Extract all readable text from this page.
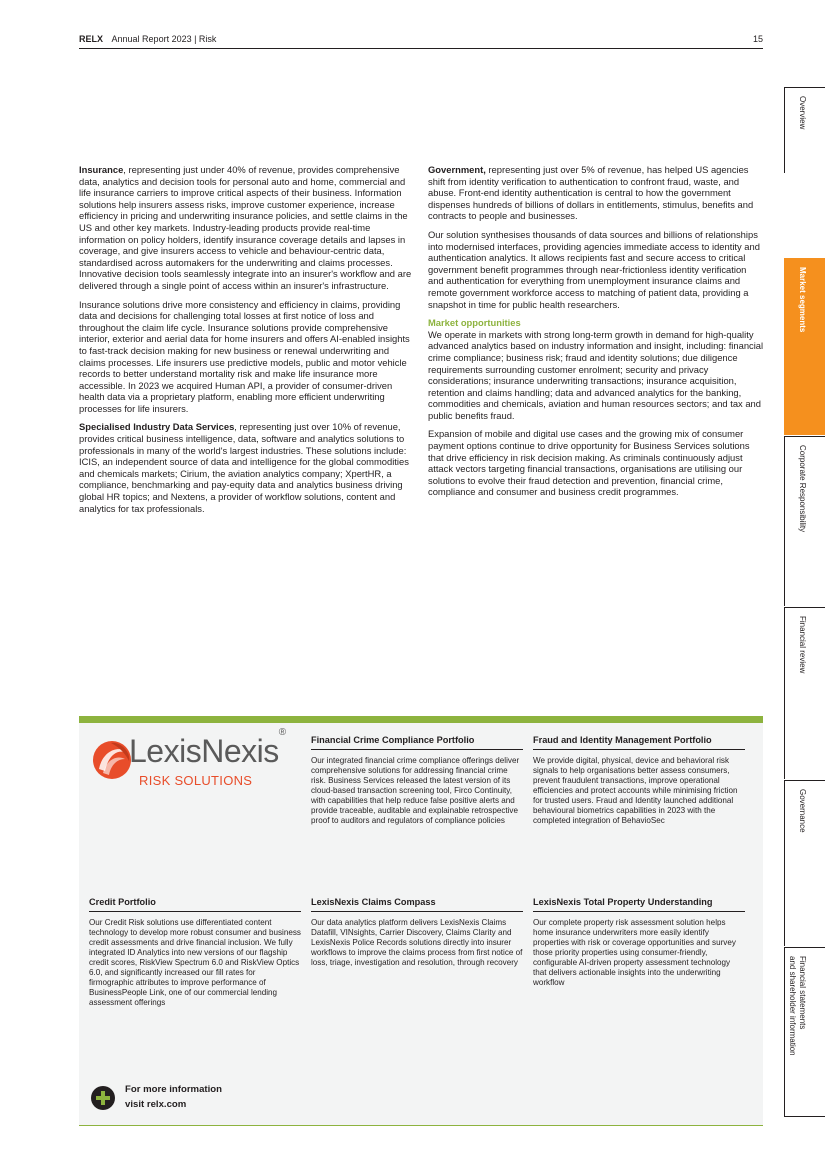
RELX Annual Report 2023 | Risk	15
Overview
Market segments
Corporate Responsibility
Financial review
Governance
Financial statements
and shareholder information

Insurance, representing just under 40% of revenue, provides comprehensive data, analytics and decision tools for personal auto and home, commercial and life insurance carriers to improve critical aspects of their business. Information solutions help insurers assess risks, improve customer experience, increase efficiency in pricing and underwriting insurance policies, and settle claims in the US and other key markets. Industry-leading products provide real-time information on policy holders, identify insurance coverage details and lapses in coverage, and give insurers access to vehicle and behaviour-centric data, standardised across automakers for the underwriting and claims processes. Innovative decision tools seamlessly integrate into an insurer's workflow and are delivered through a single point of access within an insurer's infrastructure.

Insurance solutions drive more consistency and efficiency in claims, providing data and decisions for challenging total losses at first notice of loss and throughout the claim life cycle. Insurance solutions provide comprehensive interior, exterior and aerial data for home insurers and offers AI-enabled insights to fast-track decision making for new business or renewal underwriting and claims processes. Life insurers use predictive models, public and motor vehicle records to better understand mortality risk and make life insurance more accessible. In 2023 we acquired Human API, a provider of consumer-driven health data via a proprietary platform, enabling more efficient underwriting processes for life insurers.

Specialised Industry Data Services, representing just over 10% of revenue, provides critical business intelligence, data, software and analytics solutions to professionals in many of the world's largest industries. These solutions include: ICIS, an independent source of data and intelligence for the global commodities and chemicals markets; Cirium, the aviation analytics company; XpertHR, a compliance, benchmarking and pay-equity data and analytics business driving global HR topics; and Nextens, a provider of workflow solutions, content and analytics for tax professionals.

Government, representing just over 5% of revenue, has helped US agencies shift from identity verification to authentication to confront fraud, waste, and abuse. Front-end identity authentication is central to how the government dispenses hundreds of billions of dollars in entitlements, stimulus, benefits and contracts to people and businesses.

Our solution synthesises thousands of data sources and billions of relationships into modernised interfaces, providing agencies immediate access to identity and authentication analytics. It allows recipients fast and secure access to critical government benefit programmes through near-frictionless identity verification and authentication for everything from unemployment insurance claims and remote government workforce access to matching of patient data, providing a snapshot in time for public health researchers.

Market opportunities
We operate in markets with strong long-term growth in demand for high-quality advanced analytics based on industry information and insight, including: financial crime compliance; business risk; fraud and identity solutions; due diligence requirements surrounding customer enrolment; security and privacy considerations; insurance underwriting transactions; insurance acquisition, retention and claims handling; data and advanced analytics for the banking, commodities and chemicals, aviation and human resources sectors; and tax and public benefits fraud.

Expansion of mobile and digital use cases and the growing mix of consumer payment options continue to drive opportunity for Business Services solutions that drive efficiency in risk decision making. As criminals continuously adjust attack vectors targeting financial transactions, organisations are utilising our solutions to evolve their fraud detection and prevention, financial crime, compliance and consumer and business credit programmes.

LexisNexis®
RISK SOLUTIONS
Financial Crime Compliance Portfolio
Our integrated financial crime compliance offerings deliver comprehensive solutions for addressing financial crime risk. Business Services released the latest version of its cloud-based transaction screening tool, Firco Continuity, with capabilities that help reduce false positive alerts and provide traceable, auditable and explainable retrospective proof to auditors and regulators of compliance policies
Fraud and Identity Management Portfolio
We provide digital, physical, device and behavioral risk signals to help organisations better assess consumers, prevent fraudulent transactions, improve operational efficiencies and protect accounts while minimising friction for trusted users. Fraud and Identity launched additional behavioural biometrics capabilities in 2023 with the completed integration of BehavioSec
Credit Portfolio
Our Credit Risk solutions use differentiated content technology to develop more robust consumer and business credit assessments and drive financial inclusion. We fully integrated ID Analytics into new versions of our flagship credit scores, RiskView Spectrum 6.0 and RiskView Optics 6.0, and significantly increased our fill rates for firmographic attributes to improve performance of BusinessPeople Link, one of our commercial lending assessment offerings
LexisNexis Claims Compass
Our data analytics platform delivers LexisNexis Claims Datafill, VINsights, Carrier Discovery, Claims Clarity and LexisNexis Police Records solutions directly into insurer workflows to improve the claims process from first notice of loss, triage, investigation and resolution, through recovery
LexisNexis Total Property Understanding
Our complete property risk assessment solution helps home insurance underwriters more easily identify properties with risk or coverage opportunities and survey those priority properties using consumer-friendly, configurable AI-driven property assessment technology that delivers actionable insights into the underwriting workflow
For more information
visit relx.com
